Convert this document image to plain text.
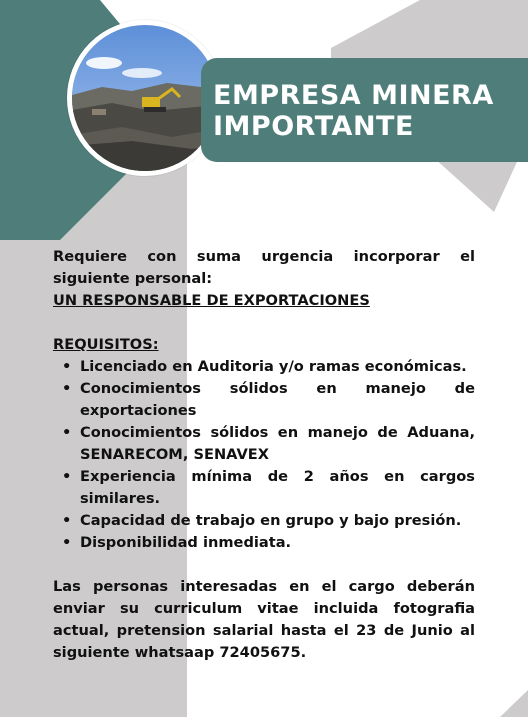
EMPRESA MINERA
IMPORTANTE

Requiere con suma urgencia incorporar el siguiente personal:

UN RESPONSABLE DE EXPORTACIONES
REQUISITOS:
• Licenciado en Auditoria y/o ramas económicas.
• Conocimientos sólidos en manejo de exportaciones
• Conocimientos sólidos en manejo de Aduana, SENARECOM, SENAVEX
• Experiencia mínima de 2 años en cargos similares.
• Capacidad de trabajo en grupo y bajo presión.
• Disponibilidad inmediata.

Las personas interesadas en el cargo deberán enviar su curriculum vitae incluida fotografia actual, pretension salarial hasta el 23 de Junio al siguiente whatsaap 72405675.
